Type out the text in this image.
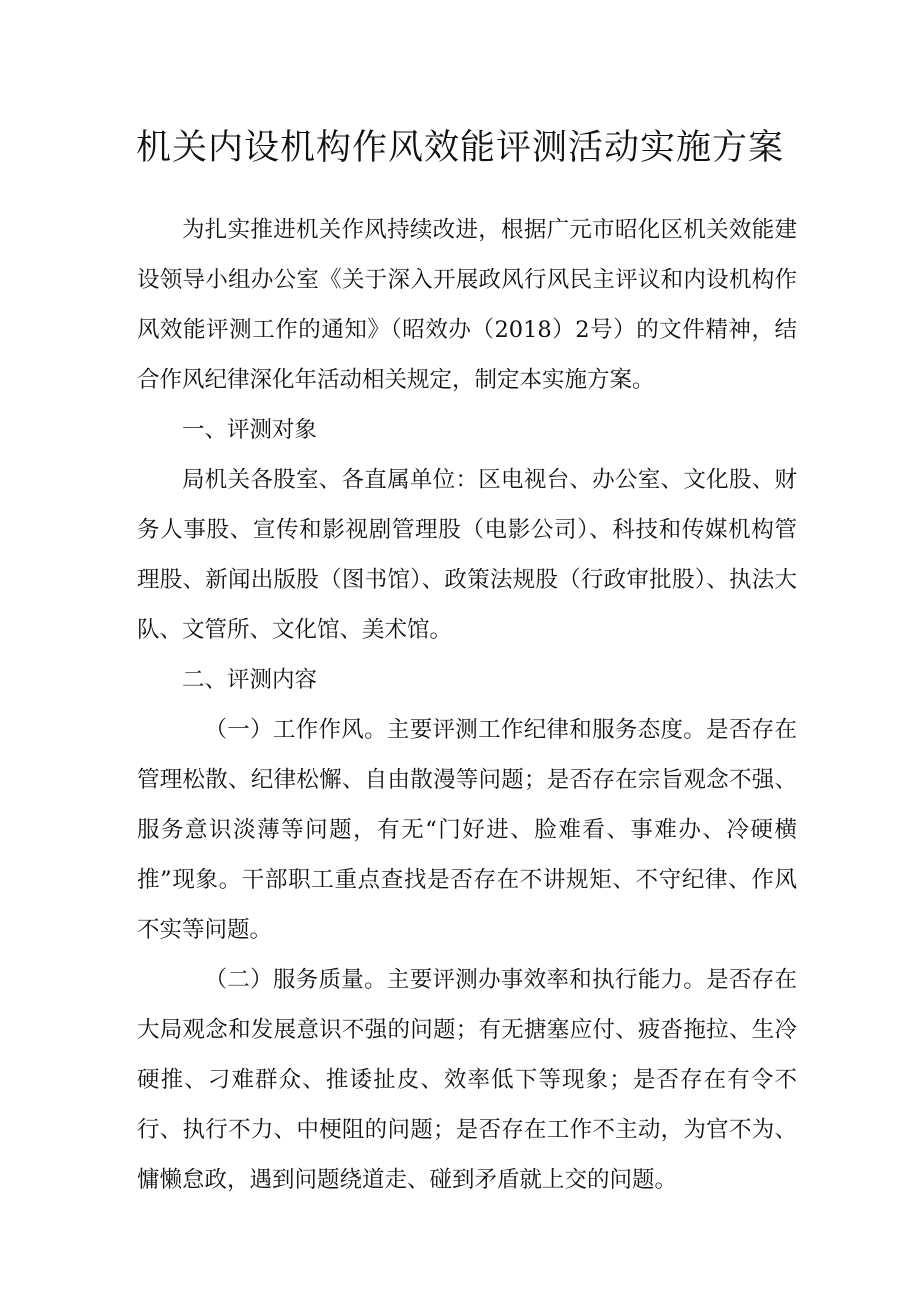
机关内设机构作风效能评测活动实施方案

为扎实推进机关作风持续改进，根据广元市昭化区机关效能建设领导小组办公室《关于深入开展政风行风民主评议和内设机构作风效能评测工作的通知》（昭效办（2018）2号）的文件精神，结合作风纪律深化年活动相关规定，制定本实施方案。

一、评测对象

局机关各股室、各直属单位：区电视台、办公室、文化股、财务人事股、宣传和影视剧管理股（电影公司）、科技和传媒机构管理股、新闻出版股（图书馆）、政策法规股（行政审批股）、执法大队、文管所、文化馆、美术馆。

二、评测内容

（一）工作作风。主要评测工作纪律和服务态度。是否存在管理松散、纪律松懈、自由散漫等问题；是否存在宗旨观念不强、服务意识淡薄等问题，有无“门好进、脸难看、事难办、冷硬横推”现象。干部职工重点查找是否存在不讲规矩、不守纪律、作风不实等问题。

（二）服务质量。主要评测办事效率和执行能力。是否存在大局观念和发展意识不强的问题；有无搪塞应付、疲沓拖拉、生冷硬推、刁难群众、推诿扯皮、效率低下等现象；是否存在有令不行、执行不力、中梗阻的问题；是否存在工作不主动，为官不为、慵懒怠政，遇到问题绕道走、碰到矛盾就上交的问题。
